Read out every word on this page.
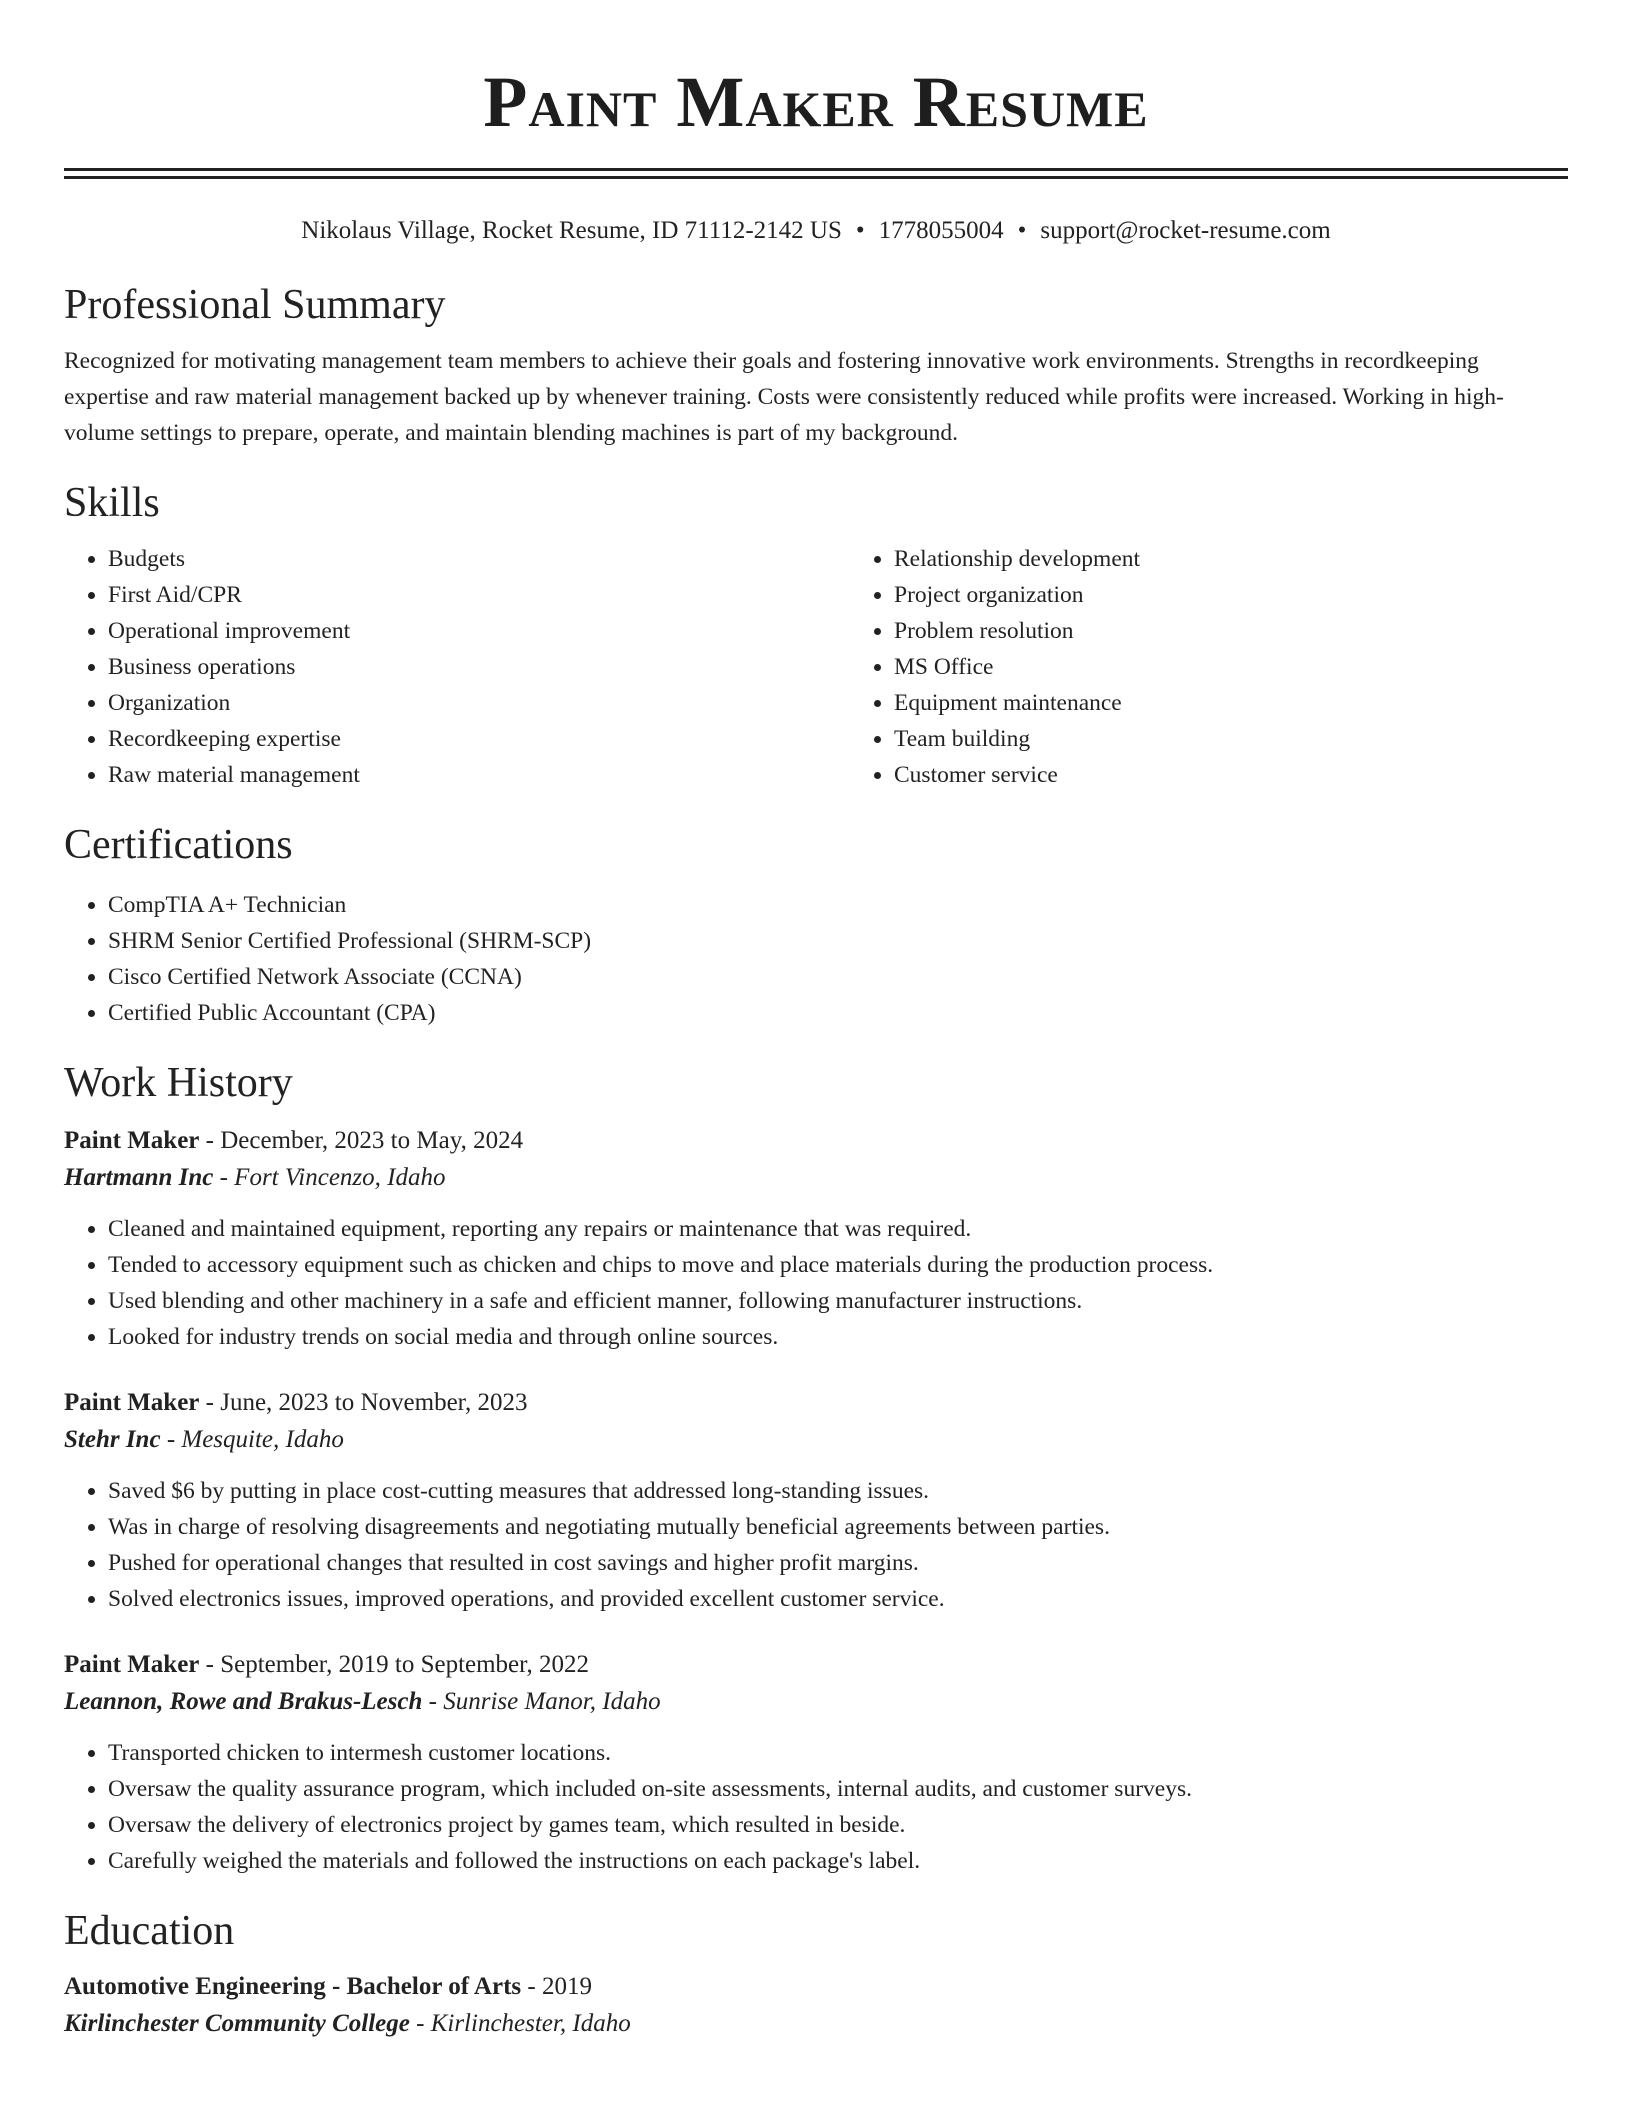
Paint Maker Resume
Nikolaus Village, Rocket Resume, ID 71112-2142 US • 1778055004 • support@rocket-resume.com
Professional Summary

Recognized for motivating management team members to achieve their goals and fostering innovative work environments. Strengths in recordkeeping expertise and raw material management backed up by whenever training. Costs were consistently reduced while profits were increased. Working in high-volume settings to prepare, operate, and maintain blending machines is part of my background.

Skills
• Budgets
• First Aid/CPR
• Operational improvement
• Business operations
• Organization
• Recordkeeping expertise
• Raw material management
• Relationship development
• Project organization
• Problem resolution
• MS Office
• Equipment maintenance
• Team building
• Customer service
Certifications
• CompTIA A+ Technician
• SHRM Senior Certified Professional (SHRM-SCP)
• Cisco Certified Network Associate (CCNA)
• Certified Public Accountant (CPA)
Work History

Paint Maker - December, 2023 to May, 2024

Hartmann Inc - Fort Vincenzo, Idaho

• Cleaned and maintained equipment, reporting any repairs or maintenance that was required.
• Tended to accessory equipment such as chicken and chips to move and place materials during the production process.
• Used blending and other machinery in a safe and efficient manner, following manufacturer instructions.
• Looked for industry trends on social media and through online sources.

Paint Maker - June, 2023 to November, 2023

Stehr Inc - Mesquite, Idaho

• Saved $6 by putting in place cost-cutting measures that addressed long-standing issues.
• Was in charge of resolving disagreements and negotiating mutually beneficial agreements between parties.
• Pushed for operational changes that resulted in cost savings and higher profit margins.
• Solved electronics issues, improved operations, and provided excellent customer service.

Paint Maker - September, 2019 to September, 2022

Leannon, Rowe and Brakus-Lesch - Sunrise Manor, Idaho

• Transported chicken to intermesh customer locations.
• Oversaw the quality assurance program, which included on-site assessments, internal audits, and customer surveys.
• Oversaw the delivery of electronics project by games team, which resulted in beside.
• Carefully weighed the materials and followed the instructions on each package's label.
Education

Automotive Engineering - Bachelor of Arts - 2019

Kirlinchester Community College - Kirlinchester, Idaho
